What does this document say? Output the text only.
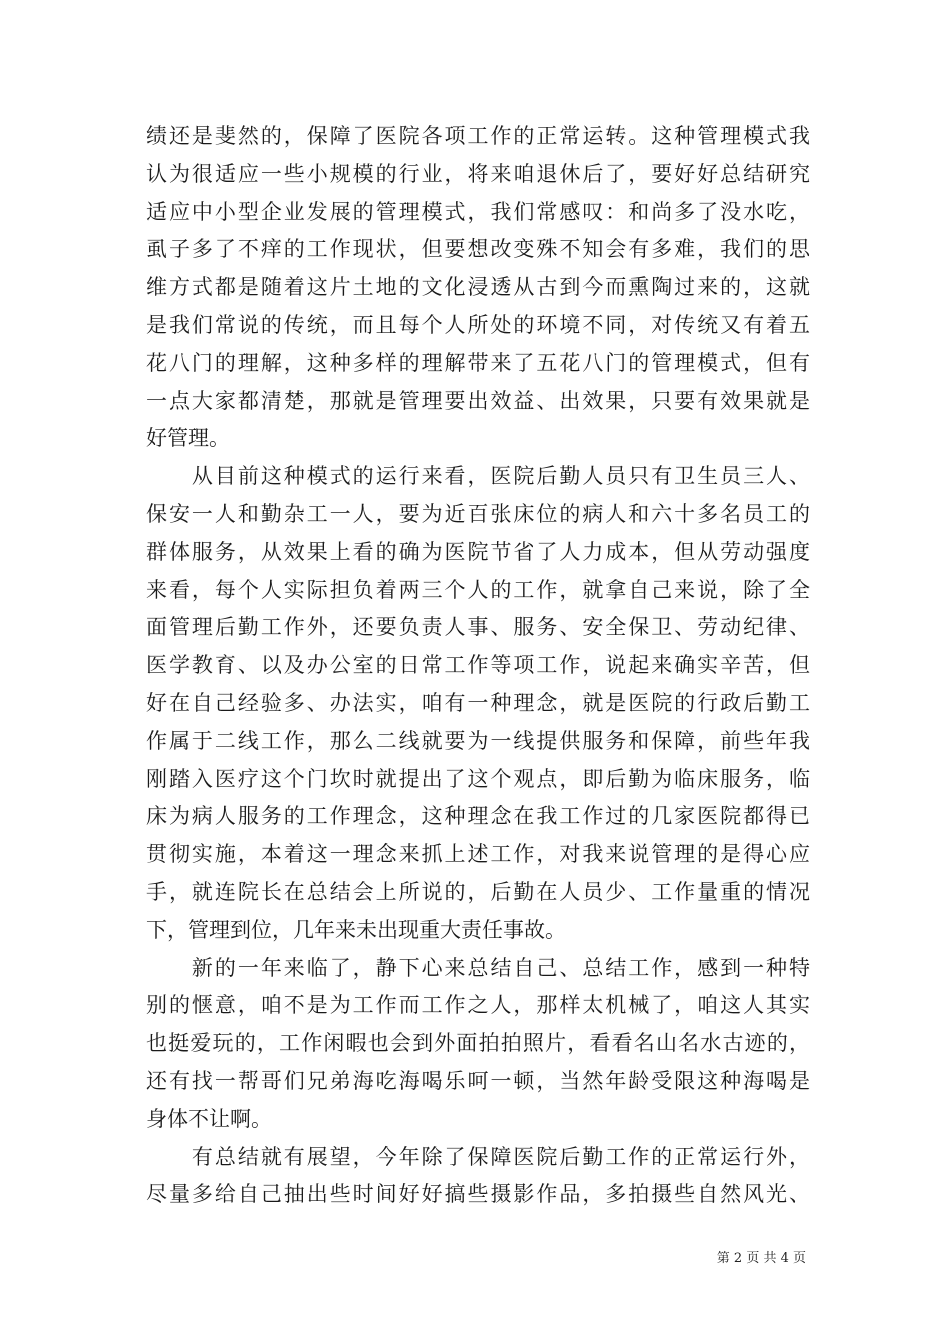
绩还是斐然的，保障了医院各项工作的正常运转。这种管理模式我
认为很适应一些小规模的行业，将来咱退休后了，要好好总结研究
适应中小型企业发展的管理模式，我们常感叹：和尚多了没水吃，
虱子多了不痒的工作现状，但要想改变殊不知会有多难，我们的思
维方式都是随着这片土地的文化浸透从古到今而熏陶过来的，这就
是我们常说的传统，而且每个人所处的环境不同，对传统又有着五
花八门的理解，这种多样的理解带来了五花八门的管理模式，但有
一点大家都清楚，那就是管理要出效益、出效果，只要有效果就是
好管理。
　　从目前这种模式的运行来看，医院后勤人员只有卫生员三人、
保安一人和勤杂工一人，要为近百张床位的病人和六十多名员工的
群体服务，从效果上看的确为医院节省了人力成本，但从劳动强度
来看，每个人实际担负着两三个人的工作，就拿自己来说，除了全
面管理后勤工作外，还要负责人事、服务、安全保卫、劳动纪律、
医学教育、以及办公室的日常工作等项工作，说起来确实辛苦，但
好在自己经验多、办法实，咱有一种理念，就是医院的行政后勤工
作属于二线工作，那么二线就要为一线提供服务和保障，前些年我
刚踏入医疗这个门坎时就提出了这个观点，即后勤为临床服务，临
床为病人服务的工作理念，这种理念在我工作过的几家医院都得已
贯彻实施，本着这一理念来抓上述工作，对我来说管理的是得心应
手，就连院长在总结会上所说的，后勤在人员少、工作量重的情况
下，管理到位，几年来未出现重大责任事故。
　　新的一年来临了，静下心来总结自己、总结工作，感到一种特
别的惬意，咱不是为工作而工作之人，那样太机械了，咱这人其实
也挺爱玩的，工作闲暇也会到外面拍拍照片，看看名山名水古迹的，
还有找一帮哥们兄弟海吃海喝乐呵一顿，当然年龄受限这种海喝是
身体不让啊。
　　有总结就有展望，今年除了保障医院后勤工作的正常运行外，
尽量多给自己抽出些时间好好搞些摄影作品，多拍摄些自然风光、
第 2 页 共 4 页
